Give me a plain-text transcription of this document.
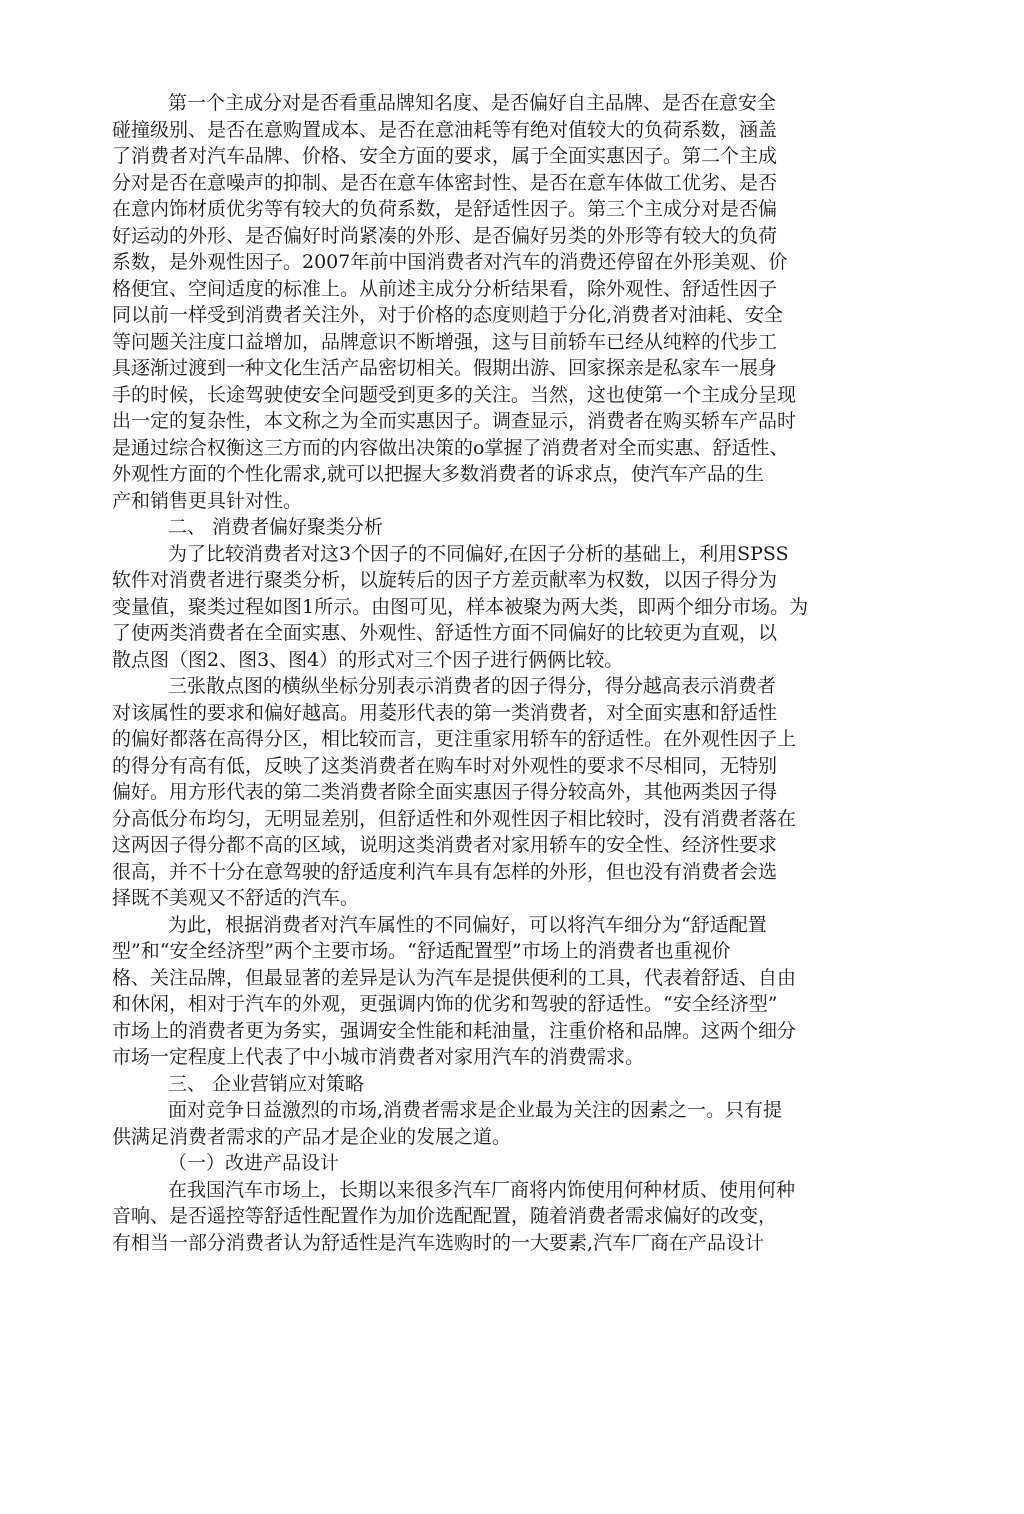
第一个主成分对是否看重品牌知名度、是否偏好自主品牌、是否在意安全
碰撞级别、是否在意购置成本、是否在意油耗等有绝对值较大的负荷系数，涵盖
了消费者对汽车品牌、价格、安全方面的要求，属于全面实惠因子。第二个主成
分对是否在意噪声的抑制、是否在意车体密封性、是否在意车体做工优劣、是否
在意内饰材质优劣等有较大的负荷系数，是舒适性因子。第三个主成分对是否偏
好运动的外形、是否偏好时尚紧凑的外形、是否偏好另类的外形等有较大的负荷
系数，是外观性因子。2007年前中国消费者对汽车的消费还停留在外形美观、价
格便宜、空间适度的标准上。从前述主成分分析结果看，除外观性、舒适性因子
同以前一样受到消费者关注外，对于价格的态度则趋于分化,消费者对油耗、安全
等问题关注度口益增加，品牌意识不断增强，这与目前轿车已经从纯粹的代步工
具逐渐过渡到一种文化生活产品密切相关。假期出游、回家探亲是私家车一展身
手的时候，长途驾驶使安全问题受到更多的关注。当然，这也使第一个主成分呈现
出一定的复杂性，本文称之为全而实惠因子。调查显示，消费者在购买轿车产品时
是通过综合权衡这三方而的内容做出决策的o掌握了消费者对全而实惠、舒适性、
外观性方面的个性化需求,就可以把握大多数消费者的诉求点，使汽车产品的生
产和销售更具针对性。
二、 消费者偏好聚类分析
为了比较消费者对这3个因子的不同偏好,在因子分析的基础上，利用SPSS
软件对消费者进行聚类分析，以旋转后的因子方差贡献率为权数，以因子得分为
变量值，聚类过程如图1所示。由图可见，样本被聚为两大类，即两个细分市场。为
了使两类消费者在全面实惠、外观性、舒适性方面不同偏好的比较更为直观，以
散点图（图2、图3、图4）的形式对三个因子进行俩俩比较。
三张散点图的横纵坐标分别表示消费者的因子得分，得分越高表示消费者
对该属性的要求和偏好越高。用菱形代表的第一类消费者，对全面实惠和舒适性
的偏好都落在高得分区，相比较而言，更注重家用轿车的舒适性。在外观性因子上
的得分有高有低，反映了这类消费者在购车时对外观性的要求不尽相同，无特别
偏好。用方形代表的第二类消费者除全面实惠因子得分较高外，其他两类因子得
分高低分布均匀，无明显差别，但舒适性和外观性因子相比较时，没有消费者落在
这两因子得分都不高的区域，说明这类消费者对家用轿车的安全性、经济性要求
很高，并不十分在意驾驶的舒适度利汽车具有怎样的外形，但也没有消费者会选
择既不美观又不舒适的汽车。
为此，根据消费者对汽车属性的不同偏好，可以将汽车细分为“舒适配置
型”和“安全经济型”两个主要市场。“舒适配置型”市场上的消费者也重视价
格、关注品牌，但最显著的差异是认为汽车是提供便利的工具，代表着舒适、自由
和休闲，相对于汽车的外观，更强调内饰的优劣和驾驶的舒适性。“安全经济型”
市场上的消费者更为务实，强调安全性能和耗油量，注重价格和品牌。这两个细分
市场一定程度上代表了中小城市消费者对家用汽车的消费需求。
三、 企业营销应对策略
面对竞争日益激烈的市场,消费者需求是企业最为关注的因素之一。只有提
供满足消费者需求的产品才是企业的发展之道。
（一）改进产品设计
在我国汽车市场上，长期以来很多汽车厂商将内饰使用何种材质、使用何种
音响、是否遥控等舒适性配置作为加价选配配置，随着消费者需求偏好的改变，
有相当一部分消费者认为舒适性是汽车选购时的一大要素,汽车厂商在产品设计
